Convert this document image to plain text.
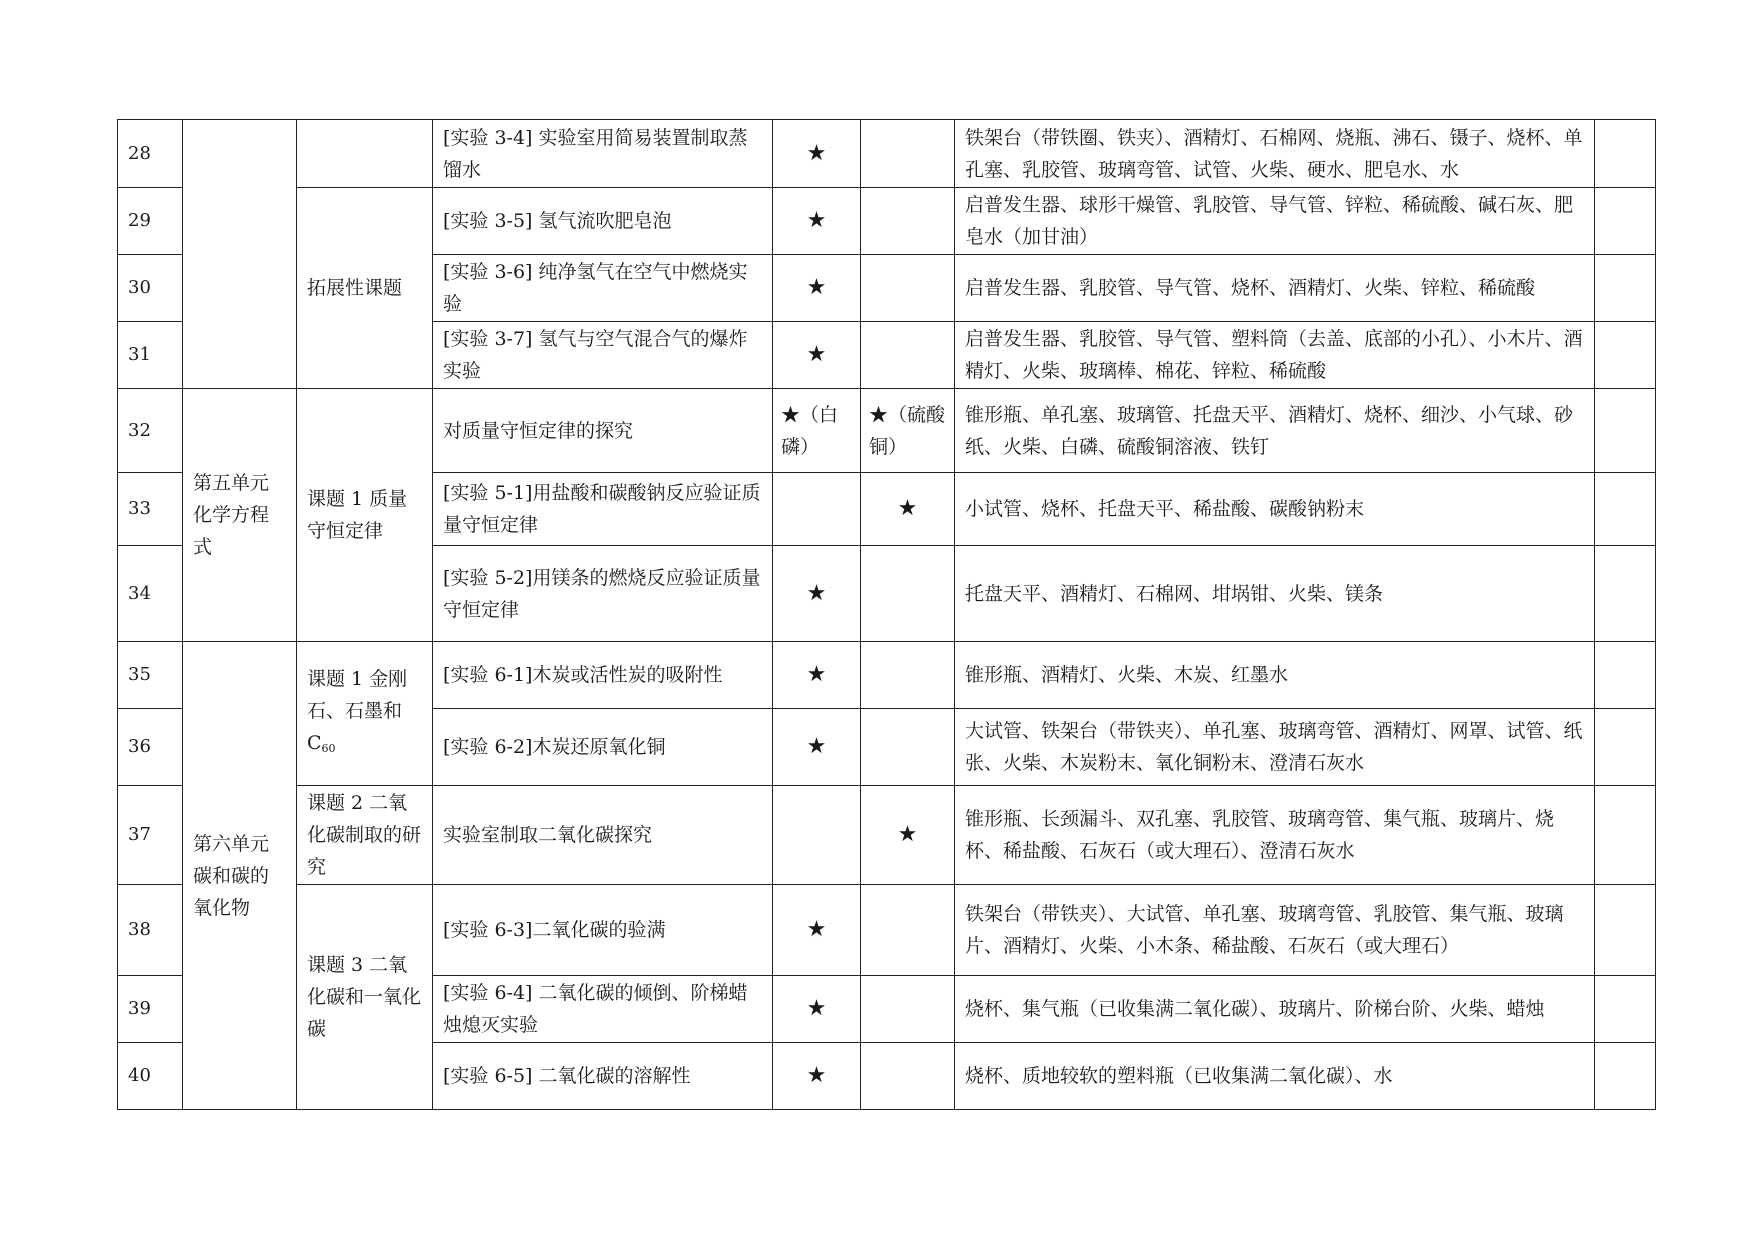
28			[实验 3-4] 实验室用简易装置制取蒸馏水	★		铁架台（带铁圈、铁夹）、酒精灯、石棉网、烧瓶、沸石、镊子、烧杯、单孔塞、乳胶管、玻璃弯管、试管、火柴、硬水、肥皂水、水	
29		拓展性课题	[实验 3-5] 氢气流吹肥皂泡	★		启普发生器、球形干燥管、乳胶管、导气管、锌粒、稀硫酸、碱石灰、肥皂水（加甘油）	
30			[实验 3-6] 纯净氢气在空气中燃烧实验	★		启普发生器、乳胶管、导气管、烧杯、酒精灯、火柴、锌粒、稀硫酸	
31			[实验 3-7] 氢气与空气混合气的爆炸实验	★		启普发生器、乳胶管、导气管、塑料筒（去盖、底部的小孔）、小木片、酒精灯、火柴、玻璃棒、棉花、锌粒、稀硫酸	
32	第五单元化学方程式	课题 1 质量守恒定律	对质量守恒定律的探究	★（白磷）	★（硫酸铜）	锥形瓶、单孔塞、玻璃管、托盘天平、酒精灯、烧杯、细沙、小气球、砂纸、火柴、白磷、硫酸铜溶液、铁钉	
33			[实验 5-1]用盐酸和碳酸钠反应验证质量守恒定律		★	小试管、烧杯、托盘天平、稀盐酸、碳酸钠粉末	
34			[实验 5-2]用镁条的燃烧反应验证质量守恒定律	★		托盘天平、酒精灯、石棉网、坩埚钳、火柴、镁条	
35	第六单元碳和碳的氧化物	课题 1 金刚石、石墨和 $C_{60}$	[实验 6-1]木炭或活性炭的吸附性	★		锥形瓶、酒精灯、火柴、木炭、红墨水	
36			[实验 6-2]木炭还原氧化铜	★		大试管、铁架台（带铁夹）、单孔塞、玻璃弯管、酒精灯、网罩、试管、纸张、火柴、木炭粉末、氧化铜粉末、澄清石灰水	
37		课题 2 二氧化碳制取的研究	实验室制取二氧化碳探究		★	锥形瓶、长颈漏斗、双孔塞、乳胶管、玻璃弯管、集气瓶、玻璃片、烧杯、稀盐酸、石灰石（或大理石）、澄清石灰水	
38		课题 3 二氧化碳和一氧化碳	[实验 6-3]二氧化碳的验满	★		铁架台（带铁夹）、大试管、单孔塞、玻璃弯管、乳胶管、集气瓶、玻璃片、酒精灯、火柴、小木条、稀盐酸、石灰石（或大理石）	
39			[实验 6-4] 二氧化碳的倾倒、阶梯蜡烛熄灭实验	★		烧杯、集气瓶（已收集满二氧化碳）、玻璃片、阶梯台阶、火柴、蜡烛	
40			[实验 6-5] 二氧化碳的溶解性	★		烧杯、质地较软的塑料瓶（已收集满二氧化碳）、水	
